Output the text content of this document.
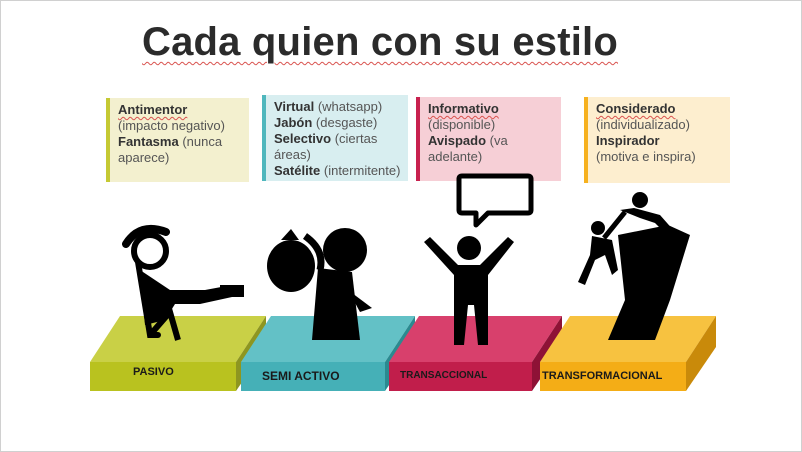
Cada quien con su estilo

Antimentor
(impacto negativo)

Fantasma (nunca aparece)

Virtual (whatsapp)

Jabón (desgaste)

Selectivo (ciertas áreas)

Satélite (intermitente)

Informativo
(disponible)

Avispado (va adelante)

Considerado
(individualizado)

Inspirador
(motiva e inspira)

PASIVO	SEMI ACTIVO	TRANSACCIONAL	TRANSFORMACIONAL
